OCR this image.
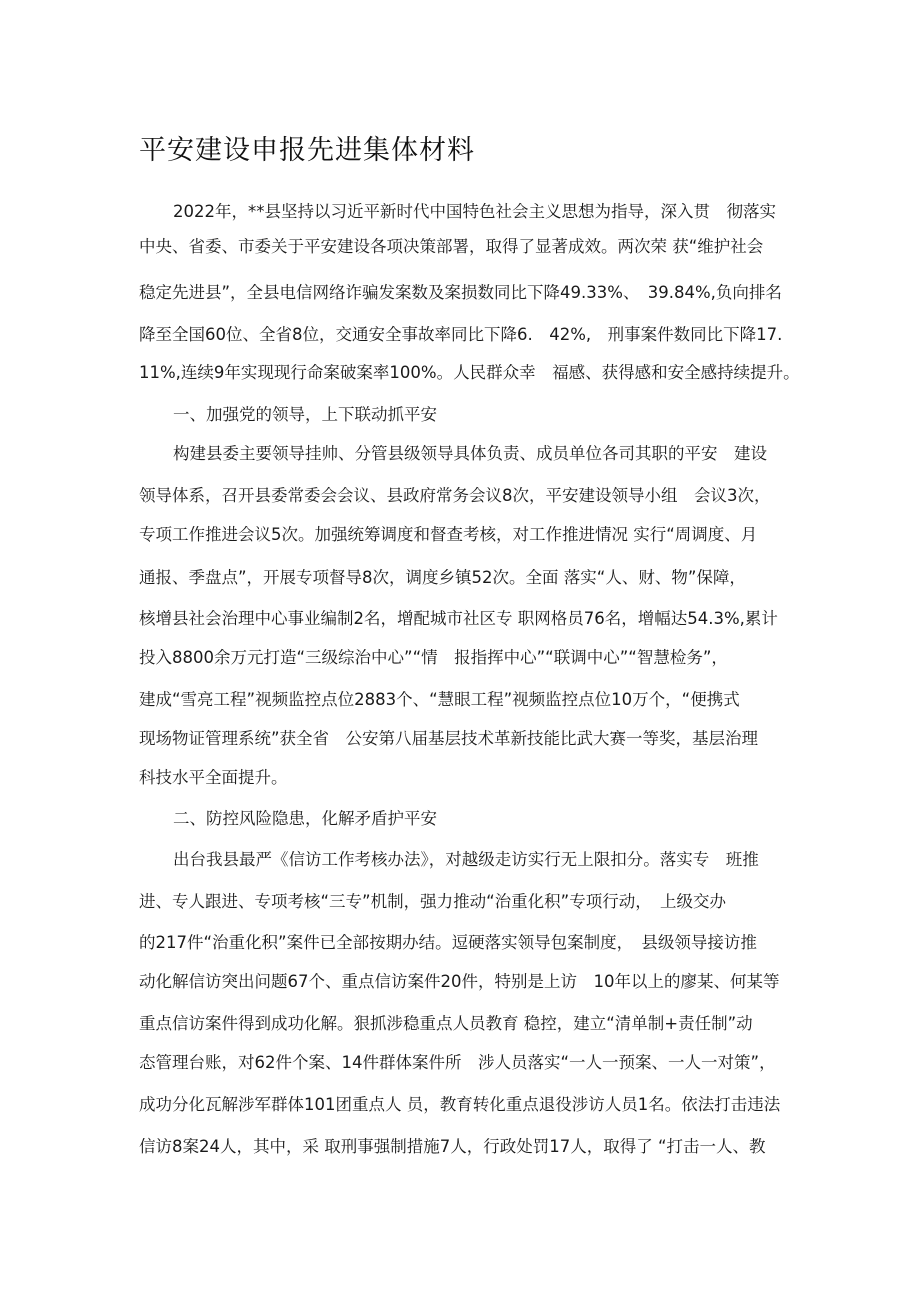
平安建设申报先进集体材料
2022年，**县坚持以习近平新时代中国特色社会主义思想为指导，深入贯　彻落实
中央、省委、市委关于平安建设各项决策部署，取得了显著成效。两次荣 获“维护社会
稳定先进县”，全县电信网络诈骗发案数及案损数同比下降49.33%、　39.84%,负向排名
降至全国60位、全省8位，交通安全事故率同比下降6.　42%,　刑事案件数同比下降17.
11%,连续9年实现现行命案破案率100%。人民群众幸　福感、获得感和安全感持续提升。
一、加强党的领导，上下联动抓平安
构建县委主要领导挂帅、分管县级领导具体负责、成员单位各司其职的平安　建设
领导体系，召开县委常委会会议、县政府常务会议8次，平安建设领导小组　会议3次，
专项工作推进会议5次。加强统筹调度和督查考核，对工作推进情况 实行“周调度、月
通报、季盘点”，开展专项督导8次，调度乡镇52次。全面 落实“人、财、物”保障，
核增县社会治理中心事业编制2名，增配城市社区专 职网格员76名，增幅达54.3%,累计
投入8800余万元打造“三级综治中心”“情　报指挥中心”“联调中心”“智慧检务”，
建成“雪亮工程”视频监控点位2883个、“慧眼工程”视频监控点位10万个，“便携式
现场物证管理系统”获全省　公安第八届基层技术革新技能比武大赛一等奖，基层治理
科技水平全面提升。
二、防控风险隐患，化解矛盾护平安
出台我县最严《信访工作考核办法》，对越级走访实行无上限扣分。落实专　班推
进、专人跟进、专项考核“三专”机制，强力推动“治重化积”专项行动，　上级交办
的217件“治重化积”案件已全部按期办结。逗硬落实领导包案制度，　县级领导接访推
动化解信访突出问题67个、重点信访案件20件，特别是上访　10年以上的廖某、何某等
重点信访案件得到成功化解。狠抓涉稳重点人员教育 稳控，建立“清单制+责任制”动
态管理台账，对62件个案、14件群体案件所　涉人员落实“一人一预案、一人一对策”，
成功分化瓦解涉军群体101团重点人 员，教育转化重点退役涉访人员1名。依法打击违法
信访8案24人，其中，采 取刑事强制措施7人，行政处罚17人，取得了 “打击一人、教
